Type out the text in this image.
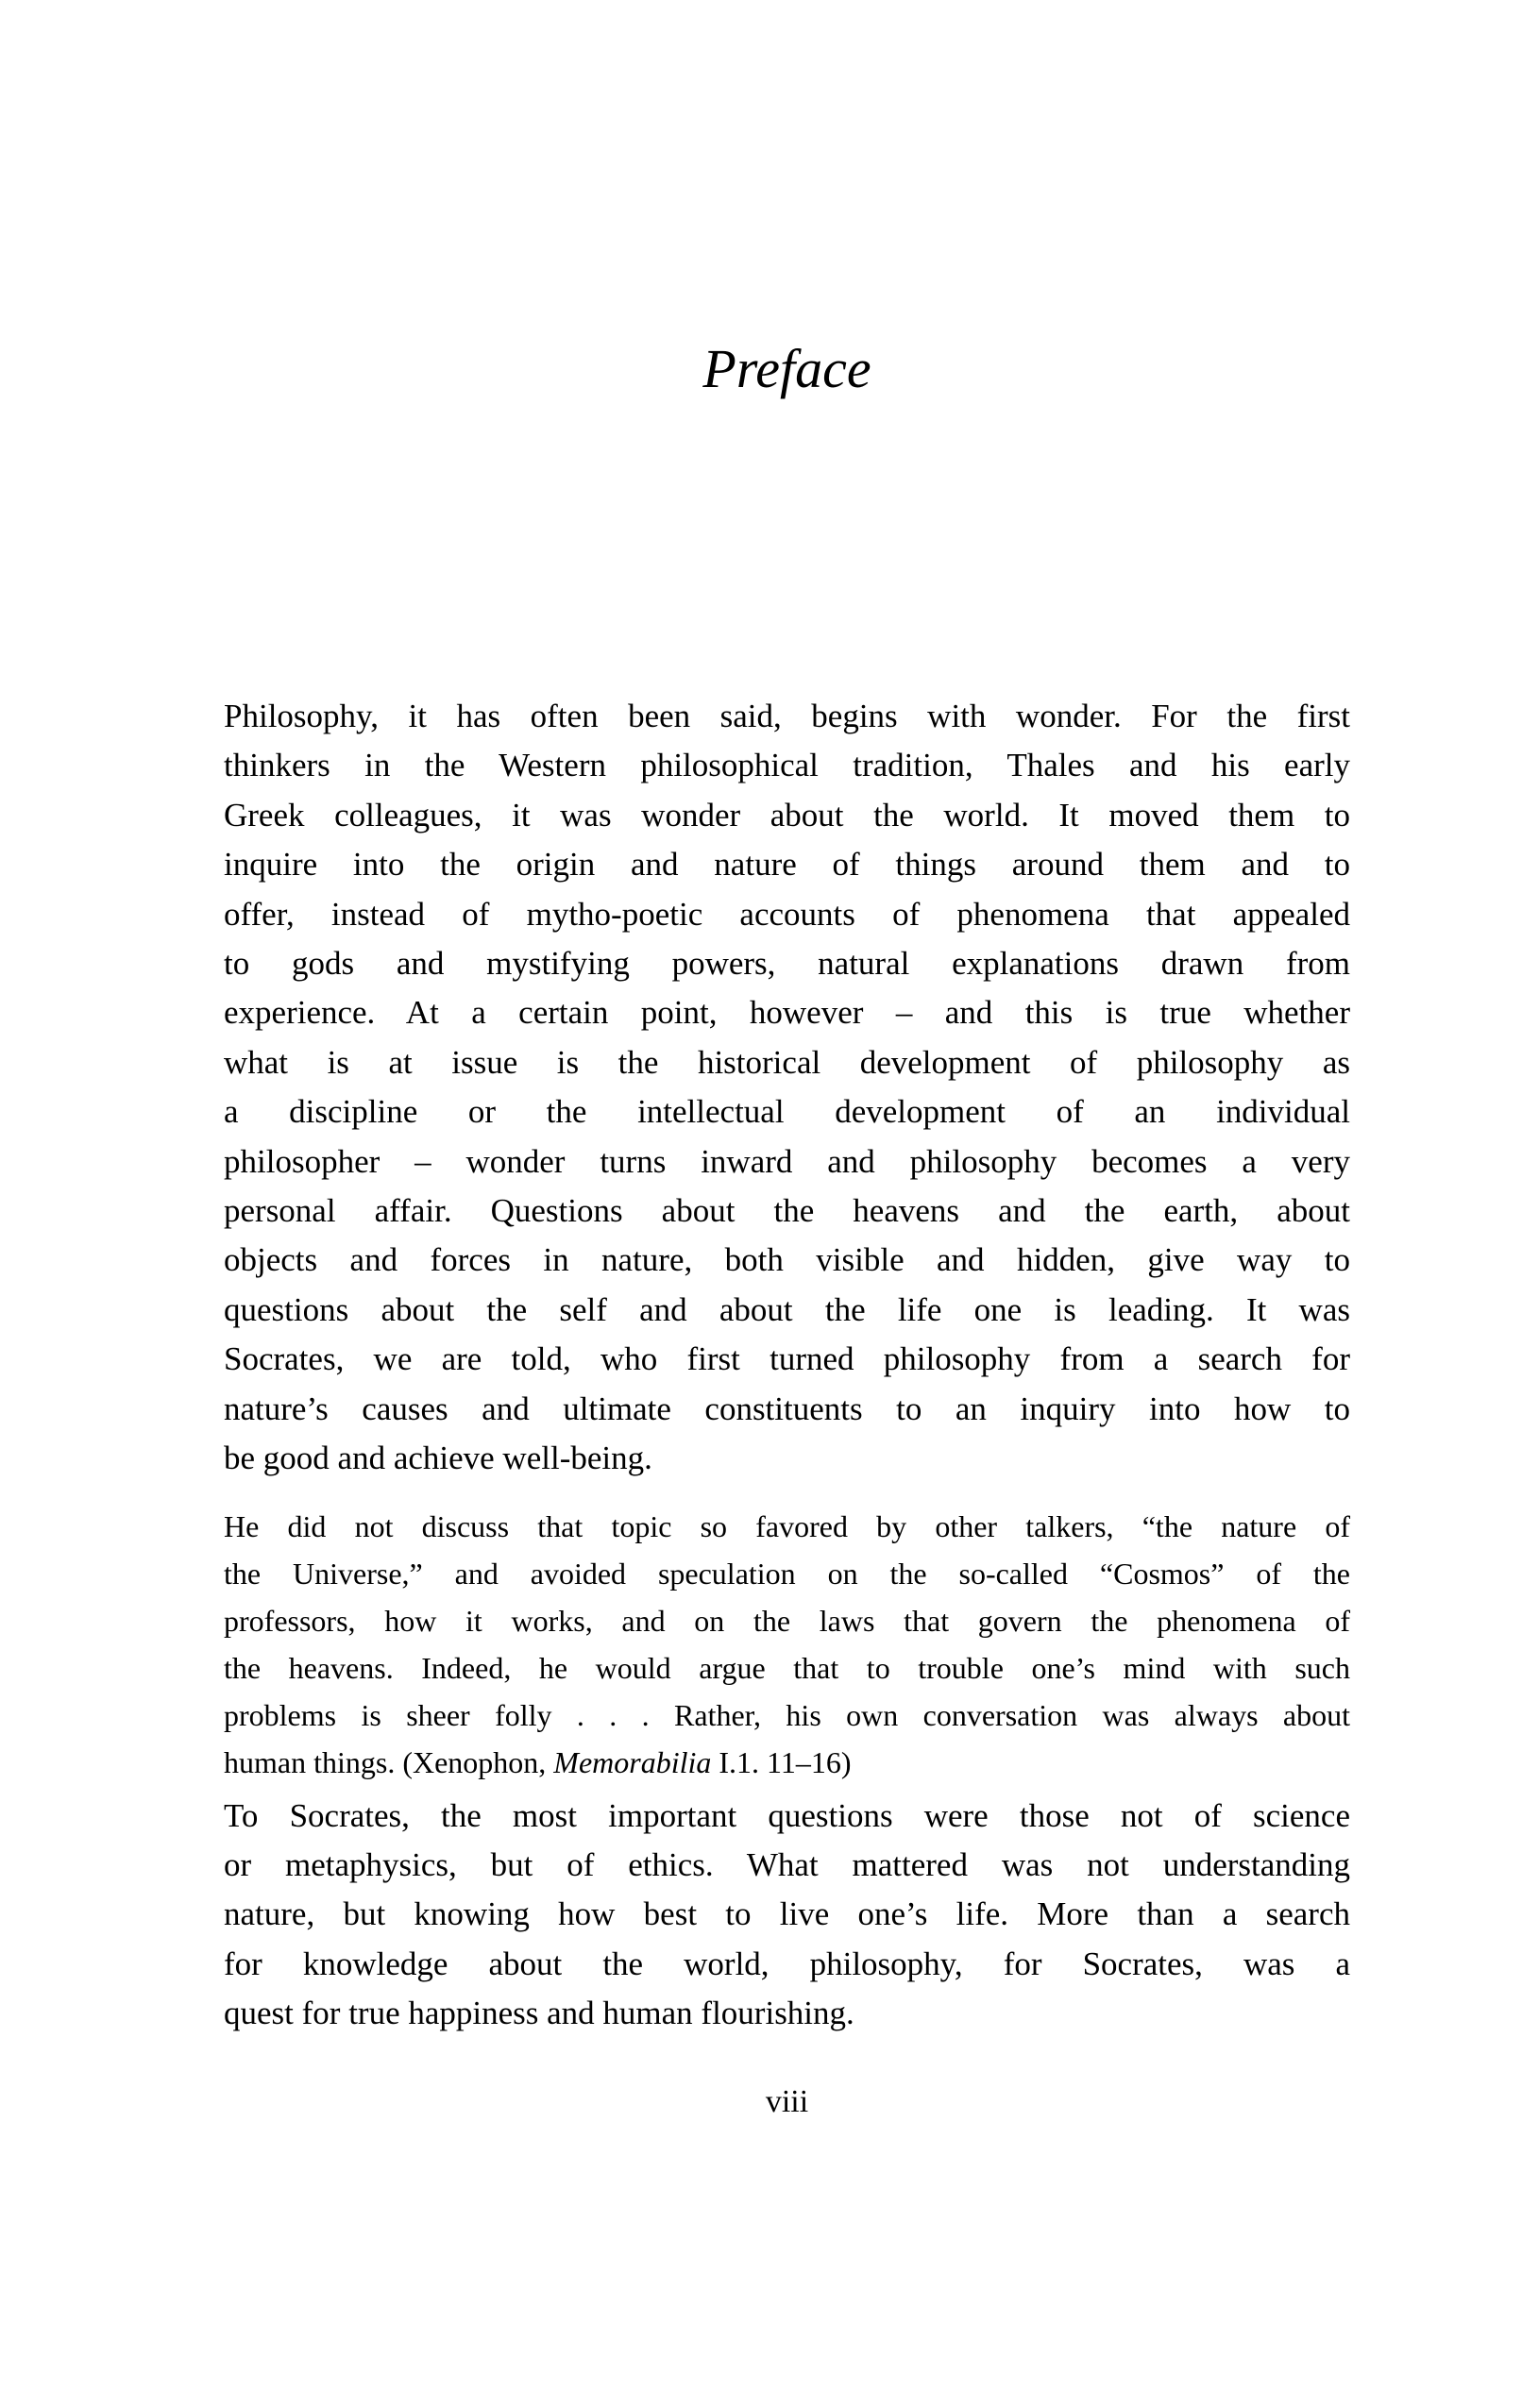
Preface
Philosophy, it has often been said, begins with wonder. For the first
thinkers in the Western philosophical tradition, Thales and his early
Greek colleagues, it was wonder about the world. It moved them to
inquire into the origin and nature of things around them and to
offer, instead of mytho-poetic accounts of phenomena that appealed
to gods and mystifying powers, natural explanations drawn from
experience. At a certain point, however – and this is true whether
what is at issue is the historical development of philosophy as
a discipline or the intellectual development of an individual
philosopher – wonder turns inward and philosophy becomes a very
personal affair. Questions about the heavens and the earth, about
objects and forces in nature, both visible and hidden, give way to
questions about the self and about the life one is leading. It was
Socrates, we are told, who first turned philosophy from a search for
nature’s causes and ultimate constituents to an inquiry into how to
be good and achieve well-being.
He did not discuss that topic so favored by other talkers, “the nature of
the Universe,” and avoided speculation on the so-called “Cosmos” of the
professors, how it works, and on the laws that govern the phenomena of
the heavens. Indeed, he would argue that to trouble one’s mind with such
problems is sheer folly . . . Rather, his own conversation was always about
human things. (Xenophon, Memorabilia I.1. 11–16)
To Socrates, the most important questions were those not of science
or metaphysics, but of ethics. What mattered was not understanding
nature, but knowing how best to live one’s life. More than a search
for knowledge about the world, philosophy, for Socrates, was a
quest for true happiness and human flourishing.
viii
